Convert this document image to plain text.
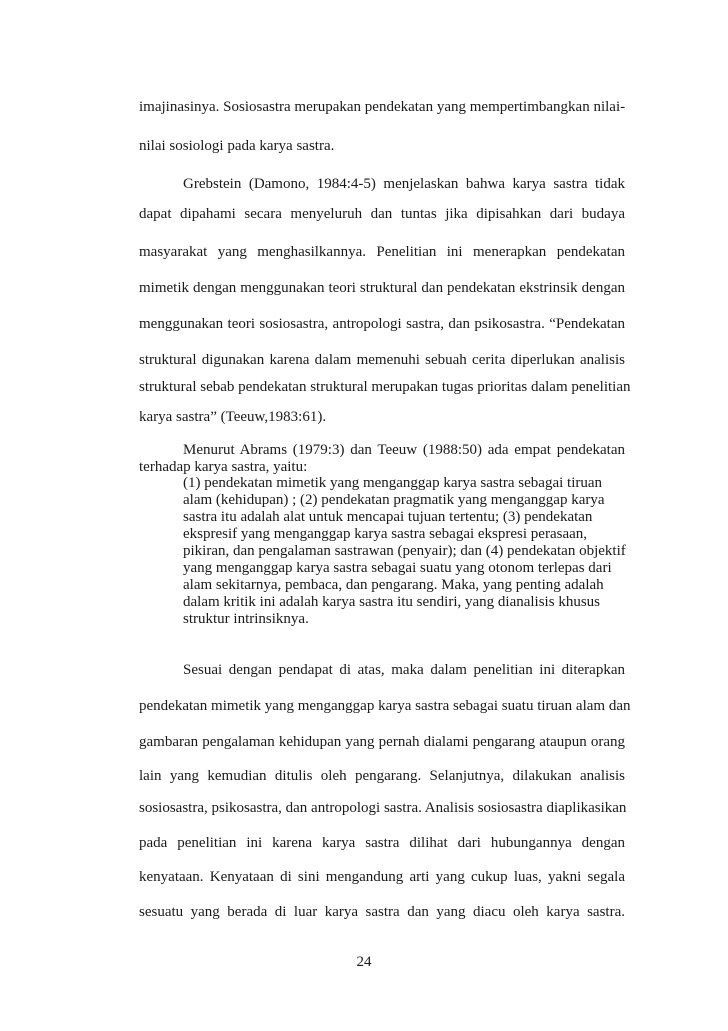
imajinasinya. Sosiosastra merupakan pendekatan yang mempertimbangkan nilai-
nilai sosiologi pada karya sastra.
Grebstein (Damono, 1984:4-5) menjelaskan bahwa karya sastra tidak
dapat dipahami secara menyeluruh dan tuntas jika dipisahkan dari budaya
masyarakat yang menghasilkannya. Penelitian ini menerapkan pendekatan
mimetik dengan menggunakan teori struktural dan pendekatan ekstrinsik dengan
menggunakan teori sosiosastra, antropologi sastra, dan psikosastra. “Pendekatan
struktural digunakan karena dalam memenuhi sebuah cerita diperlukan analisis
struktural sebab pendekatan struktural merupakan tugas prioritas dalam penelitian
karya sastra” (Teeuw,1983:61).
Menurut Abrams (1979:3) dan Teeuw (1988:50) ada empat pendekatan
terhadap karya sastra, yaitu:
(1) pendekatan mimetik yang menganggap karya sastra sebagai tiruan
alam (kehidupan) ; (2) pendekatan pragmatik yang menganggap karya
sastra itu adalah alat untuk mencapai tujuan tertentu; (3) pendekatan
ekspresif yang menganggap karya sastra sebagai ekspresi perasaan,
pikiran, dan pengalaman sastrawan (penyair); dan (4) pendekatan objektif
yang menganggap karya sastra sebagai suatu yang otonom terlepas dari
alam sekitarnya, pembaca, dan pengarang. Maka, yang penting adalah
dalam kritik ini adalah karya sastra itu sendiri, yang dianalisis khusus
struktur intrinsiknya.
Sesuai dengan pendapat di atas, maka dalam penelitian ini diterapkan
pendekatan mimetik yang menganggap karya sastra sebagai suatu tiruan alam dan
gambaran pengalaman kehidupan yang pernah dialami pengarang ataupun orang
lain yang kemudian ditulis oleh pengarang. Selanjutnya, dilakukan analisis
sosiosastra, psikosastra, dan antropologi sastra. Analisis sosiosastra diaplikasikan
pada penelitian ini karena karya sastra dilihat dari hubungannya dengan
kenyataan. Kenyataan di sini mengandung arti yang cukup luas, yakni segala
sesuatu yang berada di luar karya sastra dan yang diacu oleh karya sastra.
24
